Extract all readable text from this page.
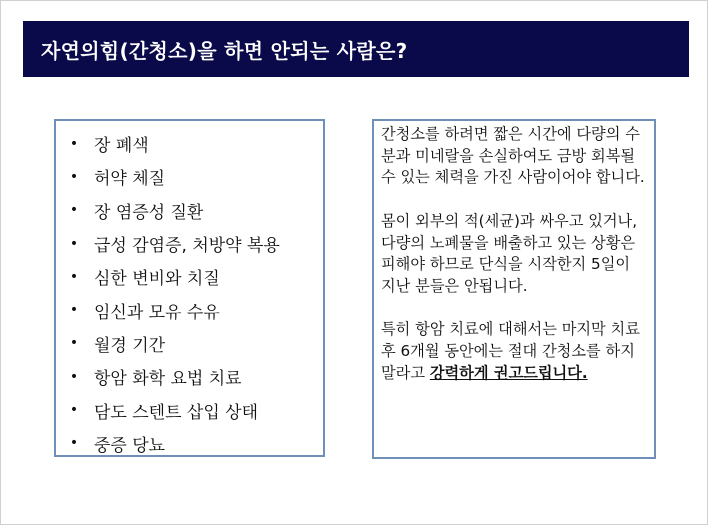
자연의힘(간청소)을 하면 안되는 사람은?
• 장 폐색
• 허약 체질
• 장 염증성 질환
• 급성 감염증, 처방약 복용
• 심한 변비와 치질
• 임신과 모유 수유
• 월경 기간
• 항암 화학 요법 치료
• 담도 스텐트 삽입 상태
• 중증 당뇨

간청소를 하려면 짧은 시간에 다량의 수분과 미네랄을 손실하여도 금방 회복될 수 있는 체력을 가진 사람이어야 합니다.

몸이 외부의 적(세균)과 싸우고 있거나, 다량의 노폐물을 배출하고 있는 상황은 피해야 하므로 단식을 시작한지 5일이 지난 분들은 안됩니다.

특히 항암 치료에 대해서는 마지막 치료 후 6개월 동안에는 절대 간청소를 하지 말라고 강력하게 권고드립니다.
